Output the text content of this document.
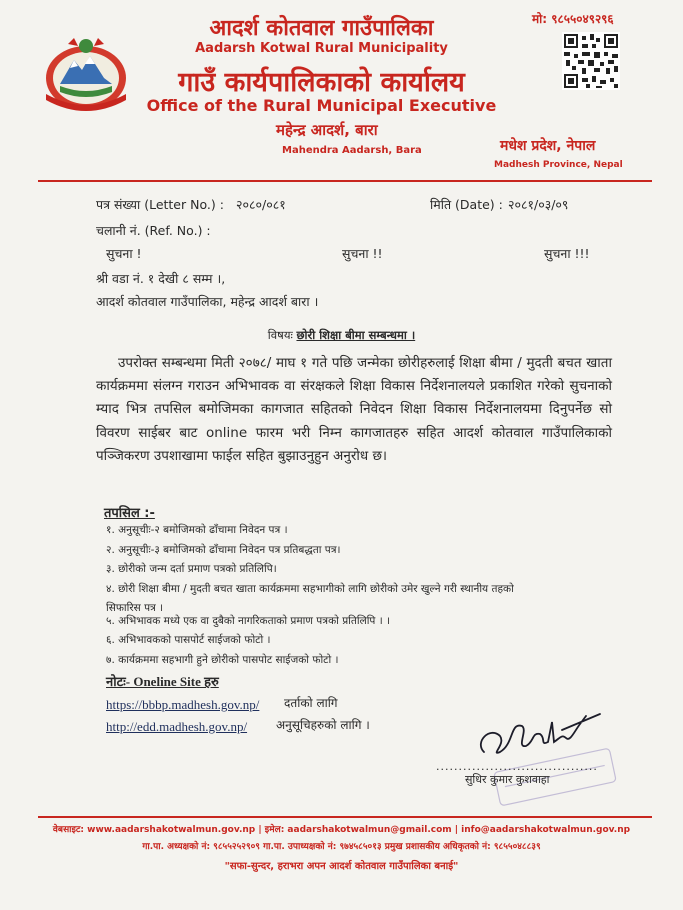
मो: ९८५५०४९२९६
आदर्श कोतवाल गाउँपालिका
Aadarsh Kotwal Rural Municipality
गाउँ कार्यपालिकाको कार्यालय
Office of the Rural Municipal Executive
महेन्द्र आदर्श, बारा
Mahendra Aadarsh, Bara	मधेश प्रदेश, नेपाल
Madhesh Province, Nepal
पत्र संख्या (Letter No.) : २०८०/०८१	मिति (Date) : २०८१/०३/०९
चलानी नं. (Ref. No.) :
सुचना !	सुचना !!	सुचना !!!
श्री वडा नं. १ देखी ८ सम्म ।,
आदर्श कोतवाल गाउँपालिका, महेन्द्र आदर्श बारा ।
विषयः छोरी शिक्षा बीमा सम्बन्धमा ।
उपरोक्त सम्बन्धमा मिती २०७८/ माघ १ गते पछि जन्मेका छोरीहरुलाई शिक्षा बीमा / मुदती बचत खाता कार्यक्रममा संलग्न गराउन अभिभावक वा संरक्षकले शिक्षा विकास निर्देशनालयले प्रकाशित गरेको सुचनाको म्याद भित्र तपसिल बमोजिमका कागजात सहितको निवेदन शिक्षा विकास निर्देशनालयमा दिनुपर्नेछ सो विवरण साईबर बाट online फारम भरी निम्न कागजातहरु सहित आदर्श कोतवाल गाउँपालिकाको पञ्जिकरण उपशाखामा फाईल सहित बुझाउनुहुन अनुरोध छ।
तपसिल :-
१. अनुसूचीः-२ बमोजिमको ढाँचामा निवेदन पत्र ।
२. अनुसूचीः-३ बमोजिमको ढाँचामा निवेदन पत्र प्रतिबद्धता पत्र।
३. छोरीको जन्म दर्ता प्रमाण पत्रको प्रतिलिपि।
४. छोरी शिक्षा बीमा / मुदती बचत खाता कार्यक्रममा सहभागीको लागि छोरीको उमेर खुल्ने गरी स्थानीय तहको
सिफारिस पत्र ।
५. अभिभावक मध्ये एक वा दुबैको नागरिकताको प्रमाण पत्रको प्रतिलिपि । ।
६. अभिभावकको पासपोर्ट साईजको फोटो ।
७. कार्यक्रममा सहभागी हुने छोरीको पासपोट साईजको फोटो ।
नोटः- Onelinе Site हरु
https://bbbp.madhesh.gov.np/ दर्ताको लागि
http://edd.madhesh.gov.np/ अनुसूचिहरुको लागि ।
....................................
सुधिर कुमार कुशवाहा
वेबसाइट: www.aadarshakotwalmun.gov.np | इमेल: aadarshakotwalmun@gmail.com | info@aadarshakotwalmun.gov.np
गा.पा. अध्यक्षको नं: ९८५५२५२९०९ गा.पा. उपाध्यक्षको नं: ९७४५८५०१३ प्रमुख प्रशासकीय अधिकृतको नं: ९८५५०४८८३९
"सफा-सुन्दर, हराभरा अपन आदर्श कोतवाल गाउँपालिका बनाई"
